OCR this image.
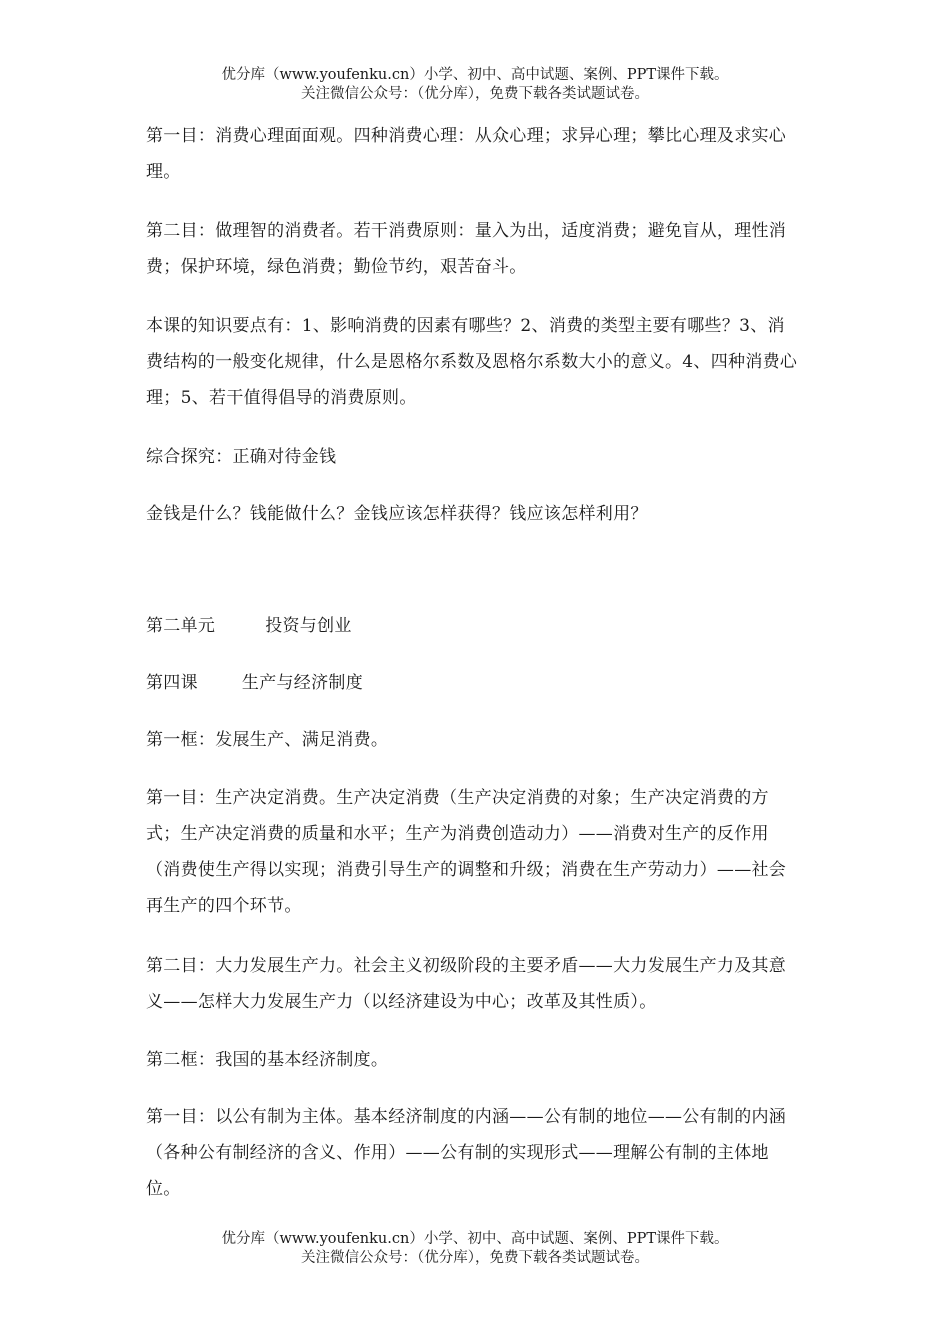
优分库（www.youfenku.cn）小学、初中、高中试题、案例、PPT课件下载。
关注微信公众号：（优分库），免费下载各类试题试卷。

第一目：消费心理面面观。四种消费心理：从众心理；求异心理；攀比心理及求实心理。

第二目：做理智的消费者。若干消费原则：量入为出，适度消费；避免盲从，理性消费；保护环境，绿色消费；勤俭节约，艰苦奋斗。

本课的知识要点有：1、影响消费的因素有哪些？2、消费的类型主要有哪些？3、消费结构的一般变化规律，什么是恩格尔系数及恩格尔系数大小的意义。4、四种消费心理；5、若干值得倡导的消费原则。

综合探究：正确对待金钱

金钱是什么？钱能做什么？金钱应该怎样获得？钱应该怎样利用？

第二单元	投资与创业

第四课	生产与经济制度

第一框：发展生产、满足消费。

第一目：生产决定消费。生产决定消费（生产决定消费的对象；生产决定消费的方式；生产决定消费的质量和水平；生产为消费创造动力）——消费对生产的反作用（消费使生产得以实现；消费引导生产的调整和升级；消费在生产劳动力）——社会再生产的四个环节。

第二目：大力发展生产力。社会主义初级阶段的主要矛盾——大力发展生产力及其意义——怎样大力发展生产力（以经济建设为中心；改革及其性质）。

第二框：我国的基本经济制度。

第一目：以公有制为主体。基本经济制度的内涵——公有制的地位——公有制的内涵（各种公有制经济的含义、作用）——公有制的实现形式——理解公有制的主体地位。

优分库（www.youfenku.cn）小学、初中、高中试题、案例、PPT课件下载。
关注微信公众号：（优分库），免费下载各类试题试卷。
